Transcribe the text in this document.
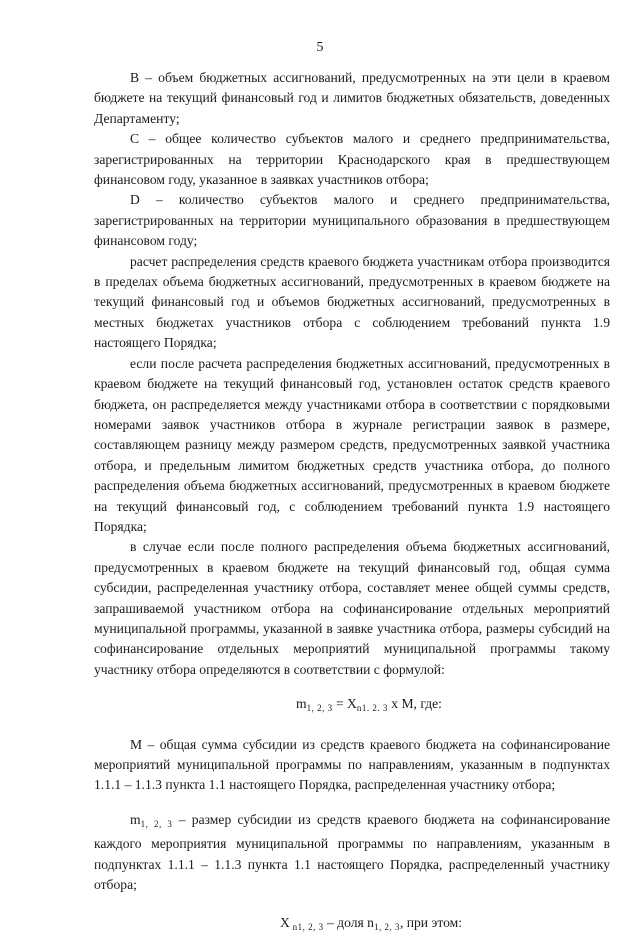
5

B – объем бюджетных ассигнований, предусмотренных на эти цели в краевом бюджете на текущий финансовый год и лимитов бюджетных обязательств, доведенных Департаменту;

C – общее количество субъектов малого и среднего предпринимательства, зарегистрированных на территории Краснодарского края в предшествующем финансовом году, указанное в заявках участников отбора;

D – количество субъектов малого и среднего предпринимательства, зарегистрированных на территории муниципального образования в предшествующем финансовом году;

расчет распределения средств краевого бюджета участникам отбора производится в пределах объема бюджетных ассигнований, предусмотренных в краевом бюджете на текущий финансовый год и объемов бюджетных ассигнований, предусмотренных в местных бюджетах участников отбора с соблюдением требований пункта 1.9 настоящего Порядка;

если после расчета распределения бюджетных ассигнований, предусмотренных в краевом бюджете на текущий финансовый год, установлен остаток средств краевого бюджета, он распределяется между участниками отбора в соответствии с порядковыми номерами заявок участников отбора в журнале регистрации заявок в размере, составляющем разницу между размером средств, предусмотренных заявкой участника отбора, и предельным лимитом бюджетных средств участника отбора, до полного распределения объема бюджетных ассигнований, предусмотренных в краевом бюджете на текущий финансовый год, с соблюдением требований пункта 1.9 настоящего Порядка;

в случае если после полного распределения объема бюджетных ассигнований, предусмотренных в краевом бюджете на текущий финансовый год, общая сумма субсидии, распределенная участнику отбора, составляет менее общей суммы средств, запрашиваемой участником отбора на софинансирование отдельных мероприятий муниципальной программы, указанной в заявке участника отбора, размеры субсидий на софинансирование отдельных мероприятий муниципальной программы такому участнику отбора определяются в соответствии с формулой:

$m_{1, 2, 3} = X_{n1. 2. 3}$ x M, где:

M – общая сумма субсидии из средств краевого бюджета на софинансирование мероприятий муниципальной программы по направлениям, указанным в подпунктах 1.1.1 – 1.1.3 пункта 1.1 настоящего Порядка, распределенная участнику отбора;

$m_{1, 2, 3}$ – размер субсидии из средств краевого бюджета на софинансирование каждого мероприятия муниципальной программы по направлениям, указанным в подпунктах 1.1.1 – 1.1.3 пункта 1.1 настоящего Порядка, распределенный участнику отбора;

X $_{n1, 2, 3}$ – доля $n_{1, 2, 3}$, при этом:
